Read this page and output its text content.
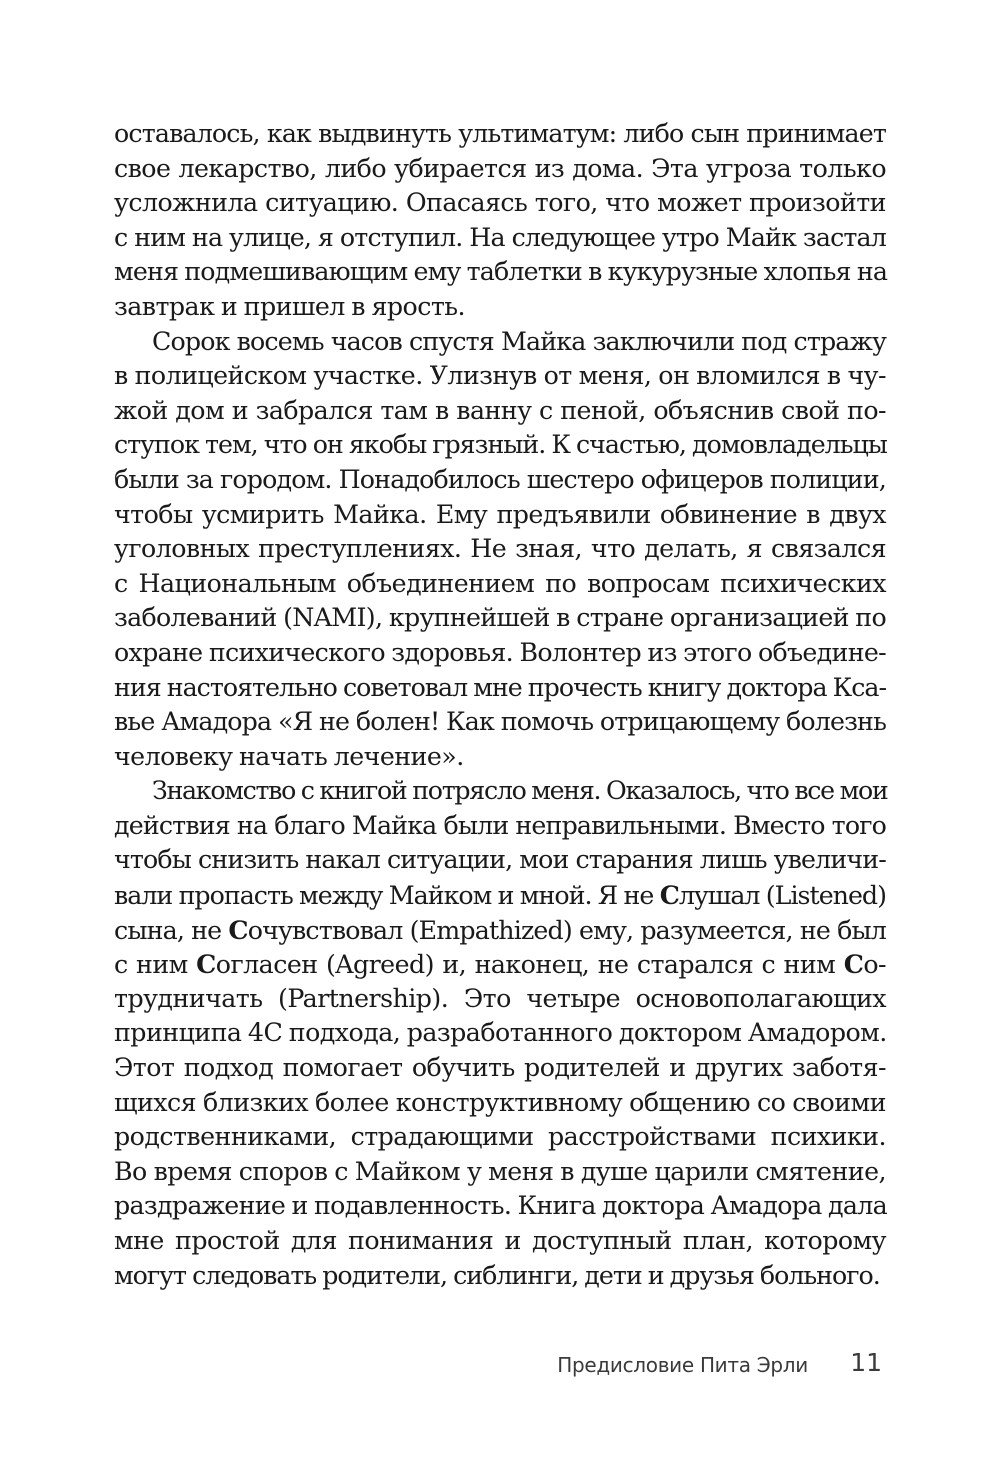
оставалось, как выдвинуть ультиматум: либо сын принимает
свое лекарство, либо убирается из дома. Эта угроза только
усложнила ситуацию. Опасаясь того, что может произойти
с ним на улице, я отступил. На следующее утро Майк застал
меня подмешивающим ему таблетки в кукурузные хлопья на
завтрак и пришел в ярость.
Сорок восемь часов спустя Майка заключили под стражу
в полицейском участке. Улизнув от меня, он вломился в чу-
жой дом и забрался там в ванну с пеной, объяснив свой по-
ступок тем, что он якобы грязный. К счастью, домовладельцы
были за городом. Понадобилось шестеро офицеров полиции,
чтобы усмирить Майка. Ему предъявили обвинение в двух
уголовных преступлениях. Не зная, что делать, я связался
с Национальным объединением по вопросам психических
заболеваний (NAMI), крупнейшей в стране организацией по
охране психического здоровья. Волонтер из этого объедине-
ния настоятельно советовал мне прочесть книгу доктора Кса-
вье Амадора «Я не болен! Как помочь отрицающему болезнь
человеку начать лечение».
Знакомство с книгой потрясло меня. Оказалось, что все мои
действия на благо Майка были неправильными. Вместо того
чтобы снизить накал ситуации, мои старания лишь увеличи-
вали пропасть между Майком и мной. Я не Слушал (Listened)
сына, не Сочувствовал (Empathized) ему, разумеется, не был
с ним Согласен (Agreed) и, наконец, не старался с ним Со-
трудничать (Partnership). Это четыре основополагающих
принципа 4С подхода, разработанного доктором Амадором.
Этот подход помогает обучить родителей и других заботя-
щихся близких более конструктивному общению со своими
родственниками, страдающими расстройствами психики.
Во время споров с Майком у меня в душе царили смятение,
раздражение и подавленность. Книга доктора Амадора дала
мне простой для понимания и доступный план, которому
могут следовать родители, сиблинги, дети и друзья больного.
Предисловие Пита Эрли 11
